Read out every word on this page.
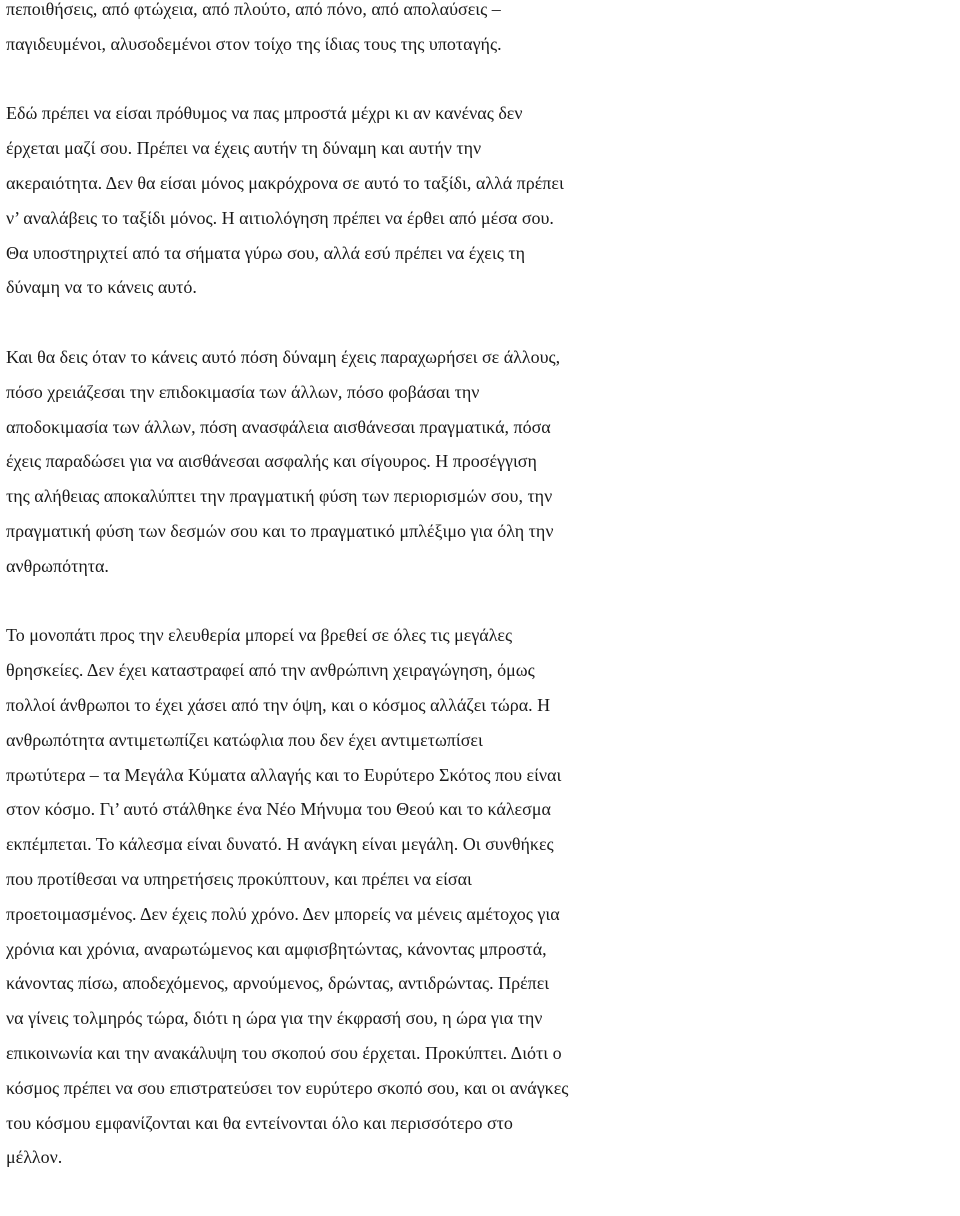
πεποιθήσεις, από φτώχεια, από πλούτο, από πόνο, από απολαύσεις –
παγιδευμένοι, αλυσοδεμένοι στον τοίχο της ίδιας τους της υποταγής.
Εδώ πρέπει να είσαι πρόθυμος να πας μπροστά μέχρι κι αν κανένας δεν
έρχεται μαζί σου. Πρέπει να έχεις αυτήν τη δύναμη και αυτήν την
ακεραιότητα. Δεν θα είσαι μόνος μακρόχρονα σε αυτό το ταξίδι, αλλά πρέπει
ν’ αναλάβεις το ταξίδι μόνος. Η αιτιολόγηση πρέπει να έρθει από μέσα σου.
Θα υποστηριχτεί από τα σήματα γύρω σου, αλλά εσύ πρέπει να έχεις τη
δύναμη να το κάνεις αυτό.
Και θα δεις όταν το κάνεις αυτό πόση δύναμη έχεις παραχωρήσει σε άλλους,
πόσο χρειάζεσαι την επιδοκιμασία των άλλων, πόσο φοβάσαι την
αποδοκιμασία των άλλων, πόση ανασφάλεια αισθάνεσαι πραγματικά, πόσα
έχεις παραδώσει για να αισθάνεσαι ασφαλής και σίγουρος. Η προσέγγιση
της αλήθειας αποκαλύπτει την πραγματική φύση των περιορισμών σου, την
πραγματική φύση των δεσμών σου και το πραγματικό μπλέξιμο για όλη την
ανθρωπότητα.
Το μονοπάτι προς την ελευθερία μπορεί να βρεθεί σε όλες τις μεγάλες
θρησκείες. Δεν έχει καταστραφεί από την ανθρώπινη χειραγώγηση, όμως
πολλοί άνθρωποι το έχει χάσει από την όψη, και ο κόσμος αλλάζει τώρα. Η
ανθρωπότητα αντιμετωπίζει κατώφλια που δεν έχει αντιμετωπίσει
πρωτύτερα – τα Μεγάλα Κύματα αλλαγής και το Ευρύτερο Σκότος που είναι
στον κόσμο. Γι’ αυτό στάλθηκε ένα Νέο Μήνυμα του Θεού και το κάλεσμα
εκπέμπεται. Το κάλεσμα είναι δυνατό. Η ανάγκη είναι μεγάλη. Οι συνθήκες
που προτίθεσαι να υπηρετήσεις προκύπτουν, και πρέπει να είσαι
προετοιμασμένος. Δεν έχεις πολύ χρόνο. Δεν μπορείς να μένεις αμέτοχος για
χρόνια και χρόνια, αναρωτώμενος και αμφισβητώντας, κάνοντας μπροστά,
κάνοντας πίσω, αποδεχόμενος, αρνούμενος, δρώντας, αντιδρώντας. Πρέπει
να γίνεις τολμηρός τώρα, διότι η ώρα για την έκφρασή σου, η ώρα για την
επικοινωνία και την ανακάλυψη του σκοπού σου έρχεται. Προκύπτει. Διότι ο
κόσμος πρέπει να σου επιστρατεύσει τον ευρύτερο σκοπό σου, και οι ανάγκες
του κόσμου εμφανίζονται και θα εντείνονται όλο και περισσότερο στο
μέλλον.
